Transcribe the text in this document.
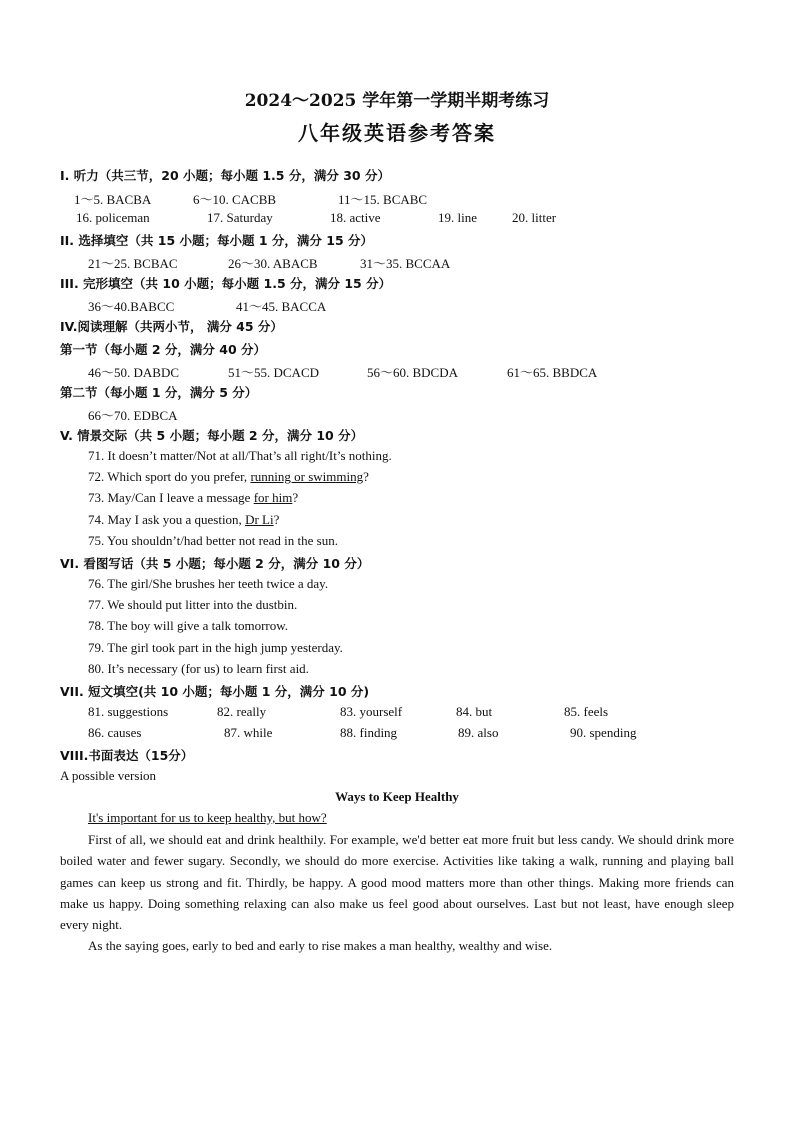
2024～2025 学年第一学期半期考练习
八年级英语参考答案
I. 听力（共三节，20 小题；每小题 1.5 分，满分 30 分）
1～5. BACBA	6～10. CACBB	11～15. BCABC
16. policeman	17. Saturday	18. active	19. line	20. litter
II. 选择填空（共 15 小题；每小题 1 分，满分 15 分）
21～25. BCBAC	26～30. ABACB	31～35. BCCAA
III. 完形填空（共 10 小题；每小题 1.5 分，满分 15 分）
36～40.BABCC	41～45. BACCA
IV.阅读理解（共两小节， 满分 45 分）
第一节（每小题 2 分，满分 40 分）
46～50. DABDC	51～55. DCACD	56～60. BDCDA	61～65. BBDCA
第二节（每小题 1 分，满分 5 分）
66～70. EDBCA
V. 情景交际（共 5 小题；每小题 2 分，满分 10 分）
71. It doesn’t matter/Not at all/That’s all right/It’s nothing.
72. Which sport do you prefer, running or swimming?
73. May/Can I leave a message for him?
74. May I ask you a question, Dr Li?
75. You shouldn’t/had better not read in the sun.
VI. 看图写话（共 5 小题；每小题 2 分，满分 10 分）
76. The girl/She brushes her teeth twice a day.
77. We should put litter into the dustbin.
78. The boy will give a talk tomorrow.
79. The girl took part in the high jump yesterday.
80. It’s necessary (for us) to learn first aid.
VII. 短文填空(共 10 小题；每小题 1 分，满分 10 分)
81. suggestions	82. really	83. yourself	84. but	85. feels
86. causes	87. while	88. finding	89. also	90. spending
VIII.书面表达（15分）
A possible version
Ways to Keep Healthy
It's important for us to keep healthy, but how?
First of all, we should eat and drink healthily. For example, we'd better eat more fruit but less candy. We should drink more boiled water and fewer sugary. Secondly, we should do more exercise. Activities like taking a walk, running and playing ball games can keep us strong and fit. Thirdly, be happy. A good mood matters more than other things. Making more friends can make us happy. Doing something relaxing can also make us feel good about ourselves. Last but not least, have enough sleep every night.
As the saying goes, early to bed and early to rise makes a man healthy, wealthy and wise.
